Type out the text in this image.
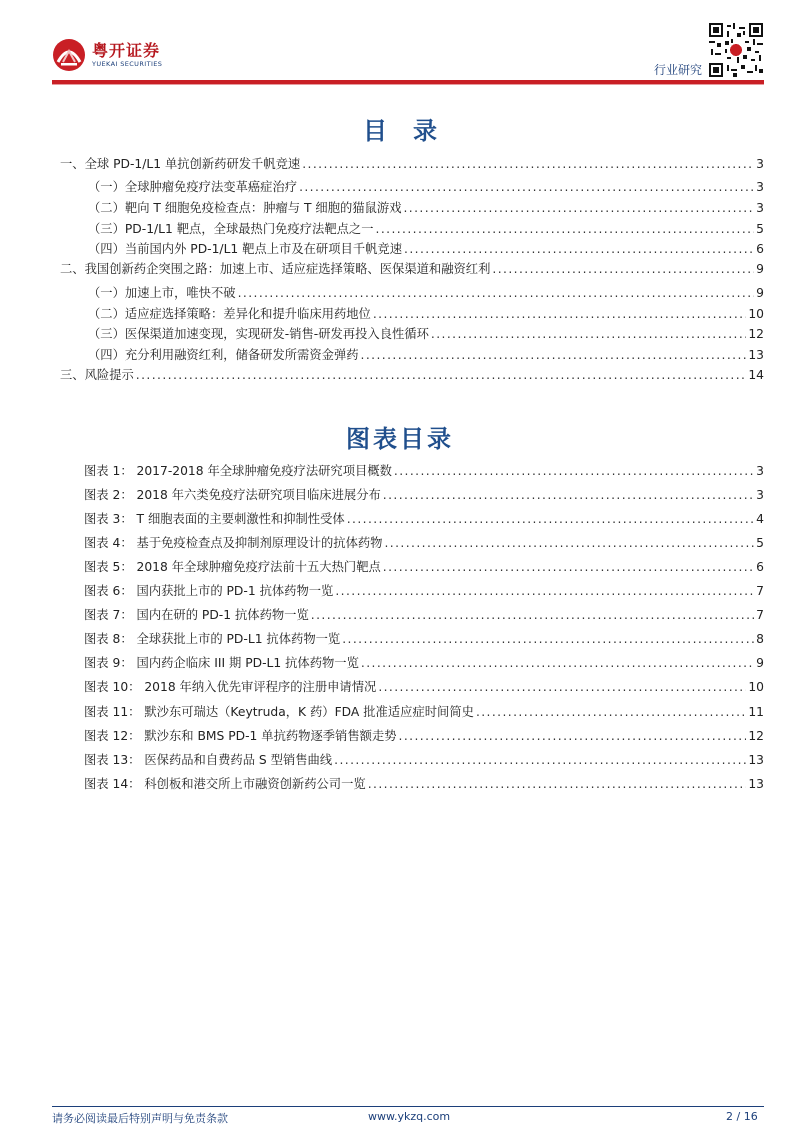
粤开证券
YUEKAI SECURITIES	行业研究
目录
一、全球 PD-1/L1 单抗创新药研发千帆竞速 .....	3
（一）全球肿瘤免疫疗法变革癌症治疗 .....	3
（二）靶向 T 细胞免疫检查点：肿瘤与 T 细胞的猫鼠游戏 .....	3
（三）PD-1/L1 靶点，全球最热门免疫疗法靶点之一 .....	5
（四）当前国内外 PD-1/L1 靶点上市及在研项目千帆竞速 .....	6
二、我国创新药企突围之路：加速上市、适应症选择策略、医保渠道和融资红利 .....	9
（一）加速上市，唯快不破 .....	9
（二）适应症选择策略：差异化和提升临床用药地位 .....	10
（三）医保渠道加速变现，实现研发-销售-研发再投入良性循环 .....	12
（四）充分利用融资红利，储备研发所需资金弹药 .....	13
三、风险提示 .....	14
图表目录
图表 1： 2017-2018 年全球肿瘤免疫疗法研究项目概数 .....	3
图表 2： 2018 年六类免疫疗法研究项目临床进展分布 .....	3
图表 3： T 细胞表面的主要刺激性和抑制性受体 .....	4
图表 4： 基于免疫检查点及抑制剂原理设计的抗体药物 .....	5
图表 5： 2018 年全球肿瘤免疫疗法前十五大热门靶点 .....	6
图表 6： 国内获批上市的 PD-1 抗体药物一览 .....	7
图表 7： 国内在研的 PD-1 抗体药物一览 .....	7
图表 8： 全球获批上市的 PD-L1 抗体药物一览 .....	8
图表 9： 国内药企临床 III 期 PD-L1 抗体药物一览 .....	9
图表 10： 2018 年纳入优先审评程序的注册申请情况 .....	10
图表 11： 默沙东可瑞达（Keytruda，K 药）FDA 批准适应症时间简史 .....	11
图表 12： 默沙东和 BMS PD-1 单抗药物逐季销售额走势 .....	12
图表 13： 医保药品和自费药品 S 型销售曲线 .....	13
图表 14： 科创板和港交所上市融资创新药公司一览 .....	13
请务必阅读最后特别声明与免责条款	www.ykzq.com	2 / 16
